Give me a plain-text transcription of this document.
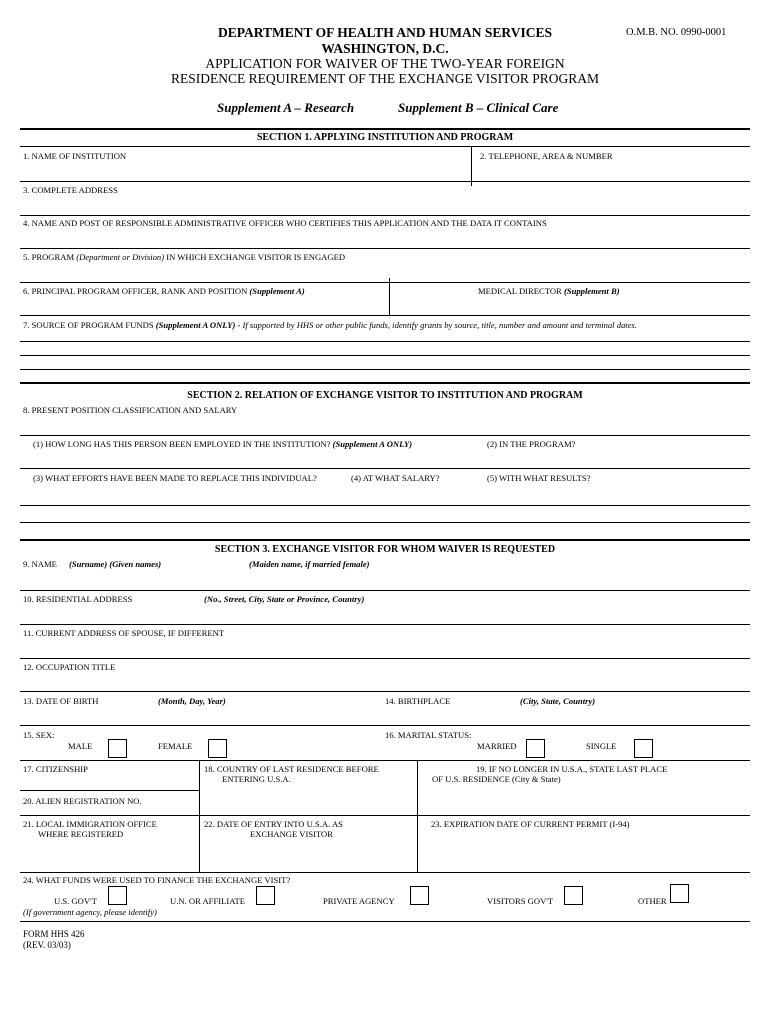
DEPARTMENT OF HEALTH AND HUMAN SERVICES
WASHINGTON, D.C.
APPLICATION FOR WAIVER OF THE TWO-YEAR FOREIGN
RESIDENCE REQUIREMENT OF THE EXCHANGE VISITOR PROGRAM
O.M.B. NO. 0990-0001
Supplement A – Research	Supplement B – Clinical Care
SECTION 1. APPLYING INSTITUTION AND PROGRAM
1. NAME OF INSTITUTION	2. TELEPHONE, AREA & NUMBER
3. COMPLETE ADDRESS
4. NAME AND POST OF RESPONSIBLE ADMINISTRATIVE OFFICER WHO CERTIFIES THIS APPLICATION AND THE DATA IT CONTAINS
5. PROGRAM (Department or Division) IN WHICH EXCHANGE VISITOR IS ENGAGED
6. PRINCIPAL PROGRAM OFFICER, RANK AND POSITION (Supplement A)	MEDICAL DIRECTOR (Supplement B)
7. SOURCE OF PROGRAM FUNDS (Supplement A ONLY) - If supported by HHS or other public funds, identify grants by source, title, number and amount and terminal dates.
SECTION 2. RELATION OF EXCHANGE VISITOR TO INSTITUTION AND PROGRAM
8. PRESENT POSITION CLASSIFICATION AND SALARY
(1) HOW LONG HAS THIS PERSON BEEN EMPLOYED IN THE INSTITUTION? (Supplement A ONLY)	(2) IN THE PROGRAM?
(3) WHAT EFFORTS HAVE BEEN MADE TO REPLACE THIS INDIVIDUAL?	(4) AT WHAT SALARY?	(5) WITH WHAT RESULTS?
SECTION 3. EXCHANGE VISITOR FOR WHOM WAIVER IS REQUESTED
9. NAME (Surname) (Given names)	(Maiden name, if married female)
10. RESIDENTIAL ADDRESS	(No., Street, City, State or Province, Country)
11. CURRENT ADDRESS OF SPOUSE, IF DIFFERENT
12. OCCUPATION TITLE
13. DATE OF BIRTH	(Month, Day, Year)	14. BIRTHPLACE	(City, State, Country)
15. SEX:
MALE	FEMALE
16. MARITAL STATUS:
MARRIED	SINGLE
17. CITIZENSHIP	18. COUNTRY OF LAST RESIDENCE BEFORE
ENTERING U.S.A.
19. IF NO LONGER IN U.S.A., STATE LAST PLACE
OF U.S. RESIDENCE (City & State)
20. ALIEN REGISTRATION NO.
21. LOCAL IMMIGRATION OFFICE
WHERE REGISTERED
22. DATE OF ENTRY INTO U.S.A. AS
EXCHANGE VISITOR
23. EXPIRATION DATE OF CURRENT PERMIT (I-94)
24. WHAT FUNDS WERE USED TO FINANCE THE EXCHANGE VISIT?
U.S. GOV'T	U.N. OR AFFILIATE	PRIVATE AGENCY	VISITORS GOV'T	OTHER
(If government agency, please identify)
FORM HHS 426
(REV. 03/03)
